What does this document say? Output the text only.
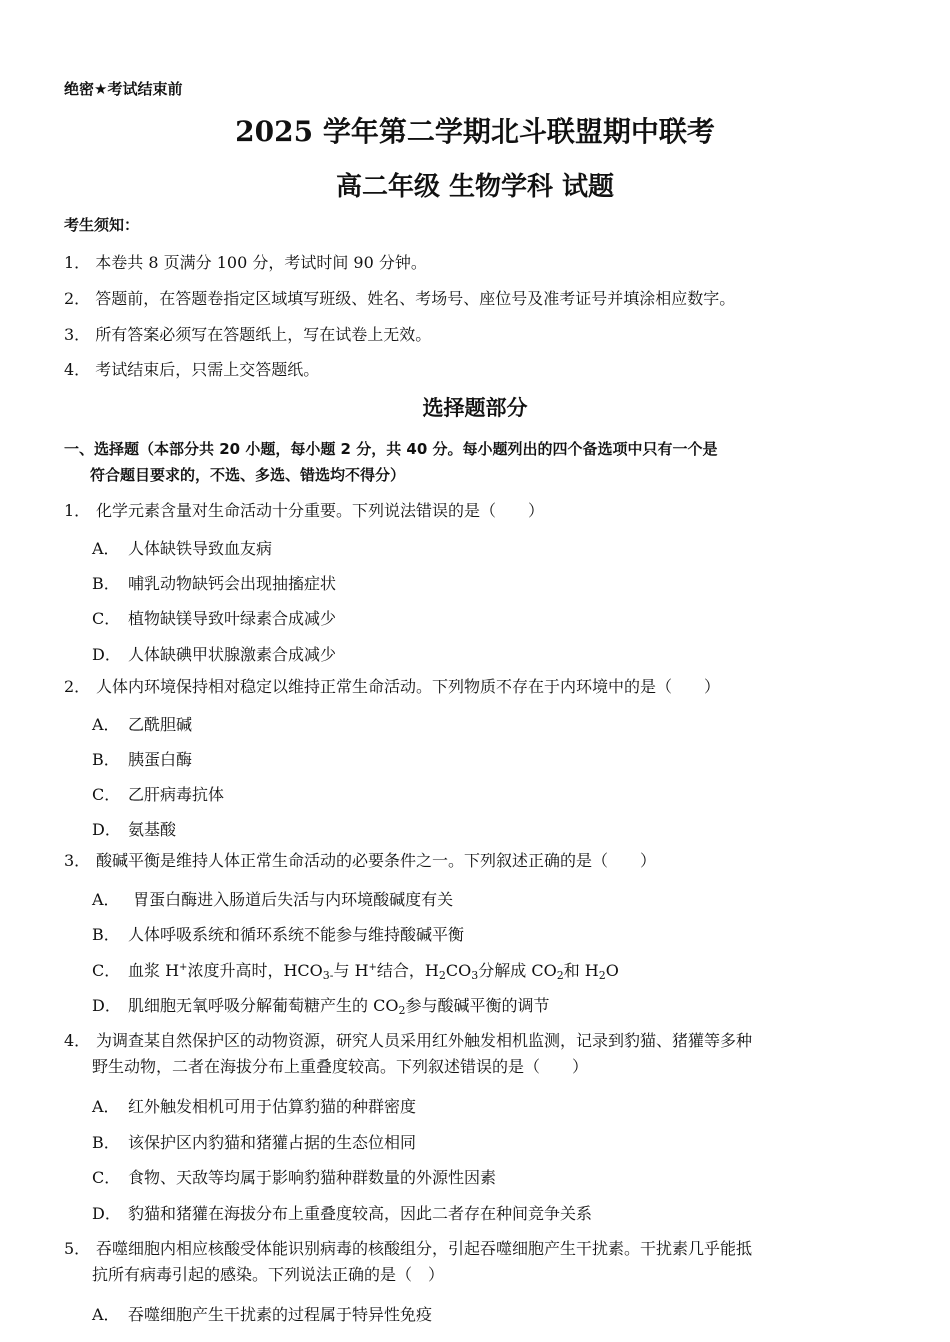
绝密★考试结束前
2025 学年第二学期北斗联盟期中联考
高二年级 生物学科 试题
考生须知：
1． 本卷共 8 页满分 100 分，考试时间 90 分钟。
2． 答题前，在答题卷指定区域填写班级、姓名、考场号、座位号及准考证号并填涂相应数字。
3． 所有答案必须写在答题纸上，写在试卷上无效。
4． 考试结束后，只需上交答题纸。
选择题部分
一、选择题（本部分共 20 小题，每小题 2 分，共 40 分。每小题列出的四个备选项中只有一个是
符合题目要求的，不选、多选、错选均不得分）
1． 化学元素含量对生命活动十分重要。下列说法错误的是（　　）
A． 人体缺铁导致血友病
B． 哺乳动物缺钙会出现抽搐症状
C． 植物缺镁导致叶绿素合成减少
D． 人体缺碘甲状腺激素合成减少
2． 人体内环境保持相对稳定以维持正常生命活动。下列物质不存在于内环境中的是（　　）
A． 乙酰胆碱
B． 胰蛋白酶
C． 乙肝病毒抗体
D． 氨基酸
3． 酸碱平衡是维持人体正常生命活动的必要条件之一。下列叙述正确的是（　　）
A． 胃蛋白酶进入肠道后失活与内环境酸碱度有关
B． 人体呼吸系统和循环系统不能参与维持酸碱平衡
C． 血浆 H+浓度升高时，$HCO_{3-}$与 H+结合，$H_2CO_3$分解成 $CO_2$和 $H_2O$
D． 肌细胞无氧呼吸分解葡萄糖产生的 $CO_2$参与酸碱平衡的调节
4． 为调查某自然保护区的动物资源，研究人员采用红外触发相机监测，记录到豹猫、猪獾等多种
野生动物，二者在海拔分布上重叠度较高。下列叙述错误的是（　　）
A． 红外触发相机可用于估算豹猫的种群密度
B． 该保护区内豹猫和猪獾占据的生态位相同
C． 食物、天敌等均属于影响豹猫种群数量的外源性因素
D． 豹猫和猪獾在海拔分布上重叠度较高，因此二者存在种间竞争关系
5． 吞噬细胞内相应核酸受体能识别病毒的核酸组分，引起吞噬细胞产生干扰素。干扰素几乎能抵
抗所有病毒引起的感染。下列说法正确的是（　）
A． 吞噬细胞产生干扰素的过程属于特异性免疫
